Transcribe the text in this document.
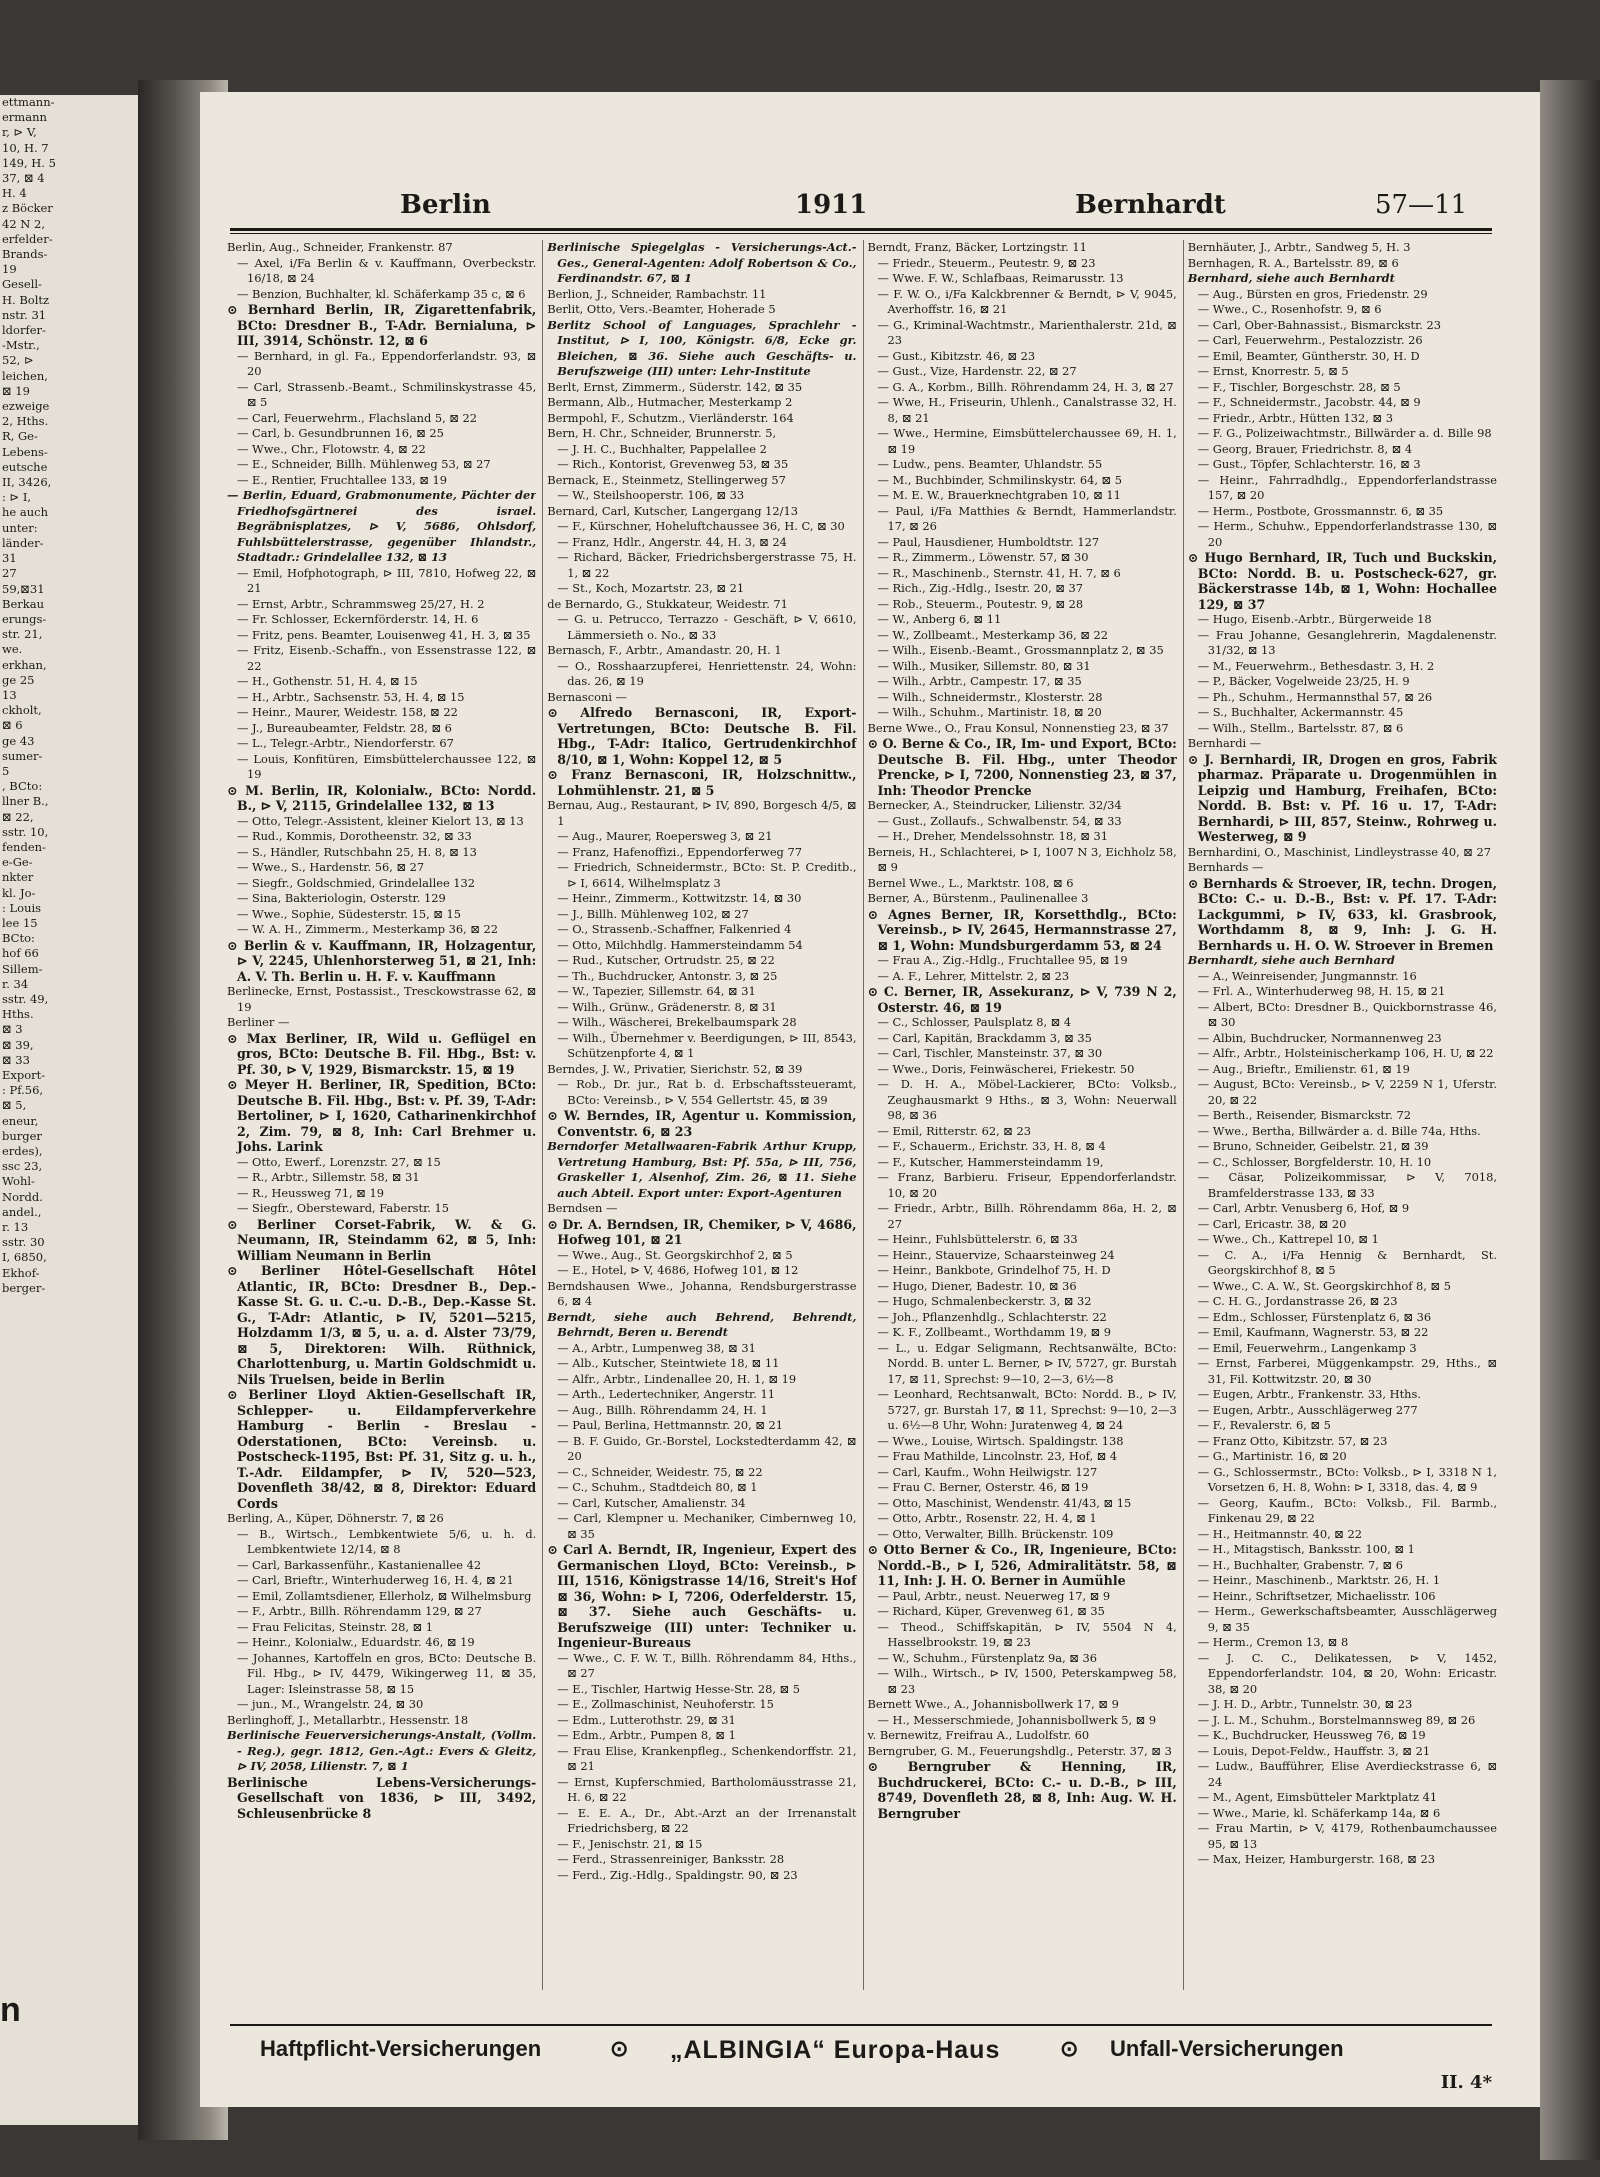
ettmann-
ermann
r, ⊳ V,
10, H. 7
149, H. 5
37, ⊠ 4
H. 4
z Böcker
42 N 2,
erfelder-
Brands-
19
Gesell-
H. Boltz
nstr. 31
ldorfer-
-Mstr.,
52, ⊳
leichen,
⊠ 19
ezweige
2, Hths.
R, Ge-
Lebens-
eutsche
II, 3426,
: ⊳ I,
he auch
unter:
länder-
31
27
59,⊠31
Berkau
erungs-
str. 21,
we.
erkhan,
ge 25
13
ckholt,
⊠ 6
ge 43
sumer-
5
, BCto:
llner B.,
⊠ 22,
sstr. 10,
fenden-
e-Ge-
nkter
kl. Jo-
: Louis
lee 15
BCto:
hof 66
Sillem-
r. 34
sstr. 49,
Hths.
⊠ 3
⊠ 39,
⊠ 33
Export-
: Pf.56,
⊠ 5,
eneur,
burger
erdes),
ssc 23,
Wohl-
Nordd.
andel.,
r. 13
sstr. 30
I, 6850,
Ekhof-
berger-
n
Berlin	1911	Bernhardt	57—11

Berlin, Aug., Schneider, Frankenstr. 87

— Axel, i/Fa Berlin & v. Kauffmann, Overbeckstr. 16/18, ⊠ 24

— Benzion, Buchhalter, kl. Schäferkamp 35 c, ⊠ 6

⊙ Bernhard Berlin, IR, Zigarettenfabrik, BCto: Dresdner B., T-Adr. Bernialuna, ⊳ III, 3914, Schönstr. 12, ⊠ 6

— Bernhard, in gl. Fa., Eppendorferlandstr. 93, ⊠ 20

— Carl, Strassenb.-Beamt., Schmilinskystrasse 45, ⊠ 5

— Carl, Feuerwehrm., Flachsland 5, ⊠ 22

— Carl, b. Gesundbrunnen 16, ⊠ 25

— Wwe., Chr., Flotowstr. 4, ⊠ 22

— E., Schneider, Billh. Mühlenweg 53, ⊠ 27

— E., Rentier, Fruchtallee 133, ⊠ 19

— Berlin, Eduard, Grabmonumente, Pächter der Friedhofsgärtnerei des israel. Begräbnisplatzes, ⊳ V, 5686, Ohlsdorf, Fuhlsbüttelerstrasse, gegenüber Ihlandstr., Stadtadr.: Grindelallee 132, ⊠ 13

— Emil, Hofphotograph, ⊳ III, 7810, Hofweg 22, ⊠ 21

— Ernst, Arbtr., Schrammsweg 25/27, H. 2

— Fr. Schlosser, Eckernförderstr. 14, H. 6

— Fritz, pens. Beamter, Louisenweg 41, H. 3, ⊠ 35

— Fritz, Eisenb.-Schaffn., von Essenstrasse 122, ⊠ 22

— H., Gothenstr. 51, H. 4, ⊠ 15

— H., Arbtr., Sachsenstr. 53, H. 4, ⊠ 15

— Heinr., Maurer, Weidestr. 158, ⊠ 22

— J., Bureaubeamter, Feldstr. 28, ⊠ 6

— L., Telegr.-Arbtr., Niendorferstr. 67

— Louis, Konfitüren, Eimsbüttelerchaussee 122, ⊠ 19

⊙ M. Berlin, IR, Kolonialw., BCto: Nordd. B., ⊳ V, 2115, Grindelallee 132, ⊠ 13

— Otto, Telegr.-Assistent, kleiner Kielort 13, ⊠ 13

— Rud., Kommis, Dorotheenstr. 32, ⊠ 33

— S., Händler, Rutschbahn 25, H. 8, ⊠ 13

— Wwe., S., Hardenstr. 56, ⊠ 27

— Siegfr., Goldschmied, Grindelallee 132

— Sina, Bakteriologin, Osterstr. 129

— Wwe., Sophie, Südesterstr. 15, ⊠ 15

— W. A. H., Zimmerm., Mesterkamp 36, ⊠ 22

⊙ Berlin & v. Kauffmann, IR, Holzagentur, ⊳ V, 2245, Uhlenhorsterweg 51, ⊠ 21, Inh: A. V. Th. Berlin u. H. F. v. Kauffmann

Berlinecke, Ernst, Postassist., Tresckowstrasse 62, ⊠ 19

Berliner —

⊙ Max Berliner, IR, Wild u. Geflügel en gros, BCto: Deutsche B. Fil. Hbg., Bst: v. Pf. 30, ⊳ V, 1929, Bismarckstr. 15, ⊠ 19

⊙ Meyer H. Berliner, IR, Spedition, BCto: Deutsche B. Fil. Hbg., Bst: v. Pf. 39, T-Adr: Bertoliner, ⊳ I, 1620, Catharinenkirchhof 2, Zim. 79, ⊠ 8, Inh: Carl Brehmer u. Johs. Larink

— Otto, Ewerf., Lorenzstr. 27, ⊠ 15

— R., Arbtr., Sillemstr. 58, ⊠ 31

— R., Heussweg 71, ⊠ 19

— Siegfr., Obersteward, Faberstr. 15

⊙ Berliner Corset-Fabrik, W. & G. Neumann, IR, Steindamm 62, ⊠ 5, Inh: William Neumann in Berlin

⊙ Berliner Hôtel-Gesellschaft Hôtel Atlantic, IR, BCto: Dresdner B., Dep.-Kasse St. G. u. C.-u. D.-B., Dep.-Kasse St. G., T-Adr: Atlantic, ⊳ IV, 5201—5215, Holzdamm 1/3, ⊠ 5, u. a. d. Alster 73/79, ⊠ 5, Direktoren: Wilh. Rüthnick, Charlottenburg, u. Martin Goldschmidt u. Nils Truelsen, beide in Berlin

⊙ Berliner Lloyd Aktien-Gesellschaft IR, Schlepper- u. Eildampferverkehre Hamburg - Berlin - Breslau - Oderstationen, BCto: Vereinsb. u. Postscheck-1195, Bst: Pf. 31, Sitz g. u. h., T.-Adr. Eildampfer, ⊳ IV, 520—523, Dovenfleth 38/42, ⊠ 8, Direktor: Eduard Cords

Berling, A., Küper, Döhnerstr. 7, ⊠ 26

— B., Wirtsch., Lembkentwiete 5/6, u. h. d. Lembkentwiete 12/14, ⊠ 8

— Carl, Barkassenführ., Kastanienallee 42

— Carl, Brieftr., Winterhuderweg 16, H. 4, ⊠ 21

— Emil, Zollamtsdiener, Ellerholz, ⊠ Wilhelmsburg

— F., Arbtr., Billh. Röhrendamm 129, ⊠ 27

— Frau Felicitas, Steinstr. 28, ⊠ 1

— Heinr., Kolonialw., Eduardstr. 46, ⊠ 19

— Johannes, Kartoffeln en gros, BCto: Deutsche B. Fil. Hbg., ⊳ IV, 4479, Wikingerweg 11, ⊠ 35, Lager: Isleinstrasse 58, ⊠ 15

— jun., M., Wrangelstr. 24, ⊠ 30

Berlinghoff, J., Metallarbtr., Hessenstr. 18

Berlinische Feuerversicherungs-Anstalt, (Vollm. - Reg.), gegr. 1812, Gen.-Agt.: Evers & Gleitz, ⊳ IV, 2058, Lilienstr. 7, ⊠ 1

Berlinische Lebens-Versicherungs-Gesellschaft von 1836, ⊳ III, 3492, Schleusenbrücke 8

Berlinische Spiegelglas - Versicherungs-Act.-Ges., General-Agenten: Adolf Robertson & Co., Ferdinandstr. 67, ⊠ 1

Berlion, J., Schneider, Rambachstr. 11

Berlit, Otto, Vers.-Beamter, Hoherade 5

Berlitz School of Languages, Sprachlehr - Institut, ⊳ I, 100, Königstr. 6/8, Ecke gr. Bleichen, ⊠ 36. Siehe auch Geschäfts- u. Berufszweige (III) unter: Lehr-Institute

Berlt, Ernst, Zimmerm., Süderstr. 142, ⊠ 35

Bermann, Alb., Hutmacher, Mesterkamp 2

Bermpohl, F., Schutzm., Vierländerstr. 164

Bern, H. Chr., Schneider, Brunnerstr. 5,

— J. H. C., Buchhalter, Pappelallee 2

— Rich., Kontorist, Grevenweg 53, ⊠ 35

Bernack, E., Steinmetz, Stellingerweg 57

— W., Steilshooperstr. 106, ⊠ 33

Bernard, Carl, Kutscher, Langergang 12/13

— F., Kürschner, Hoheluftchaussee 36, H. C, ⊠ 30

— Franz, Hdlr., Angerstr. 44, H. 3, ⊠ 24

— Richard, Bäcker, Friedrichsbergerstrasse 75, H. 1, ⊠ 22

— St., Koch, Mozartstr. 23, ⊠ 21

de Bernardo, G., Stukkateur, Weidestr. 71

— G. u. Petrucco, Terrazzo - Geschäft, ⊳ V, 6610, Lämmersieth o. No., ⊠ 33

Bernasch, F., Arbtr., Amandastr. 20, H. 1

— O., Rosshaarzupferei, Henriettenstr. 24, Wohn: das. 26, ⊠ 19

Bernasconi —

⊙ Alfredo Bernasconi, IR, Export-Vertretungen, BCto: Deutsche B. Fil. Hbg., T-Adr: Italico, Gertrudenkirchhof 8/10, ⊠ 1, Wohn: Koppel 12, ⊠ 5

⊙ Franz Bernasconi, IR, Holzschnittw., Lohmühlenstr. 21, ⊠ 5

Bernau, Aug., Restaurant, ⊳ IV, 890, Borgesch 4/5, ⊠ 1

— Aug., Maurer, Roepersweg 3, ⊠ 21

— Franz, Hafenoffizi., Eppendorferweg 77

— Friedrich, Schneidermstr., BCto: St. P. Creditb., ⊳ I, 6614, Wilhelmsplatz 3

— Heinr., Zimmerm., Kottwitzstr. 14, ⊠ 30

— J., Billh. Mühlenweg 102, ⊠ 27

— O., Strassenb.-Schaffner, Falkenried 4

— Otto, Milchhdlg. Hammersteindamm 54

— Rud., Kutscher, Ortrudstr. 25, ⊠ 22

— Th., Buchdrucker, Antonstr. 3, ⊠ 25

— W., Tapezier, Sillemstr. 64, ⊠ 31

— Wilh., Grünw., Grädenerstr. 8, ⊠ 31

— Wilh., Wäscherei, Brekelbaumspark 28

— Wilh., Übernehmer v. Beerdigungen, ⊳ III, 8543, Schützenpforte 4, ⊠ 1

Berndes, J. W., Privatier, Sierichstr. 52, ⊠ 39

— Rob., Dr. jur., Rat b. d. Erbschaftssteueramt, BCto: Vereinsb., ⊳ V, 554 Gellertstr. 45, ⊠ 39

⊙ W. Berndes, IR, Agentur u. Kommission, Conventstr. 6, ⊠ 23

Berndorfer Metallwaaren-Fabrik Arthur Krupp, Vertretung Hamburg, Bst: Pf. 55a, ⊳ III, 756, Graskeller 1, Alsenhof, Zim. 26, ⊠ 11. Siehe auch Abteil. Export unter: Export-Agenturen

Berndsen —

⊙ Dr. A. Berndsen, IR, Chemiker, ⊳ V, 4686, Hofweg 101, ⊠ 21

— Wwe., Aug., St. Georgskirchhof 2, ⊠ 5

— E., Hotel, ⊳ V, 4686, Hofweg 101, ⊠ 12

Berndshausen Wwe., Johanna, Rendsburgerstrasse 6, ⊠ 4

Berndt, siehe auch Behrend, Behrendt, Behrndt, Beren u. Berendt

— A., Arbtr., Lumpenweg 38, ⊠ 31

— Alb., Kutscher, Steintwiete 18, ⊠ 11

— Alfr., Arbtr., Lindenallee 20, H. 1, ⊠ 19

— Arth., Ledertechniker, Angerstr. 11

— Aug., Billh. Röhrendamm 24, H. 1

— Paul, Berlina, Hettmannstr. 20, ⊠ 21

— B. F. Guido, Gr.-Borstel, Lockstedterdamm 42, ⊠ 20

— C., Schneider, Weidestr. 75, ⊠ 22

— C., Schuhm., Stadtdeich 80, ⊠ 1

— Carl, Kutscher, Amalienstr. 34

— Carl, Klempner u. Mechaniker, Cimbernweg 10, ⊠ 35

⊙ Carl A. Berndt, IR, Ingenieur, Expert des Germanischen Lloyd, BCto: Vereinsb., ⊳ III, 1516, Königstrasse 14/16, Streit's Hof ⊠ 36, Wohn: ⊳ I, 7206, Oderfelderstr. 15, ⊠ 37. Siehe auch Geschäfts- u. Berufszweige (III) unter: Techniker u. Ingenieur-Bureaus

— Wwe., C. F. W. T., Billh. Röhrendamm 84, Hths., ⊠ 27

— E., Tischler, Hartwig Hesse-Str. 28, ⊠ 5

— E., Zollmaschinist, Neuhoferstr. 15

— Edm., Lutterothstr. 29, ⊠ 31

— Edm., Arbtr., Pumpen 8, ⊠ 1

— Frau Elise, Krankenpfleg., Schenkendorffstr. 21, ⊠ 21

— Ernst, Kupferschmied, Bartholomäusstrasse 21, H. 6, ⊠ 22

— E. E. A., Dr., Abt.-Arzt an der Irrenanstalt Friedrichsberg, ⊠ 22

— F., Jenischstr. 21, ⊠ 15

— Ferd., Strassenreiniger, Banksstr. 28

— Ferd., Zig.-Hdlg., Spaldingstr. 90, ⊠ 23

Berndt, Franz, Bäcker, Lortzingstr. 11

— Friedr., Steuerm., Peutestr. 9, ⊠ 23

— Wwe. F. W., Schlafbaas, Reimarusstr. 13

— F. W. O., i/Fa Kalckbrenner & Berndt, ⊳ V, 9045, Averhoffstr. 16, ⊠ 21

— G., Kriminal-Wachtmstr., Marienthalerstr. 21d, ⊠ 23

— Gust., Kibitzstr. 46, ⊠ 23

— Gust., Vize, Hardenstr. 22, ⊠ 27

— G. A., Korbm., Billh. Röhrendamm 24, H. 3, ⊠ 27

— Wwe, H., Friseurin, Uhlenh., Canalstrasse 32, H. 8, ⊠ 21

— Wwe., Hermine, Eimsbüttelerchaussee 69, H. 1, ⊠ 19

— Ludw., pens. Beamter, Uhlandstr. 55

— M., Buchbinder, Schmilinskystr. 64, ⊠ 5

— M. E. W., Brauerknechtgraben 10, ⊠ 11

— Paul, i/Fa Matthies & Berndt, Hammerlandstr. 17, ⊠ 26

— Paul, Hausdiener, Humboldtstr. 127

— R., Zimmerm., Löwenstr. 57, ⊠ 30

— R., Maschinenb., Sternstr. 41, H. 7, ⊠ 6

— Rich., Zig.-Hdlg., Isestr. 20, ⊠ 37

— Rob., Steuerm., Poutestr. 9, ⊠ 28

— W., Anberg 6, ⊠ 11

— W., Zollbeamt., Mesterkamp 36, ⊠ 22

— Wilh., Eisenb.-Beamt., Grossmannplatz 2, ⊠ 35

— Wilh., Musiker, Sillemstr. 80, ⊠ 31

— Wilh., Arbtr., Campestr. 17, ⊠ 35

— Wilh., Schneidermstr., Klosterstr. 28

— Wilh., Schuhm., Martinistr. 18, ⊠ 20

Berne Wwe., O., Frau Konsul, Nonnenstieg 23, ⊠ 37

⊙ O. Berne & Co., IR, Im- und Export, BCto: Deutsche B. Fil. Hbg., unter Theodor Prencke, ⊳ I, 7200, Nonnenstieg 23, ⊠ 37, Inh: Theodor Prencke

Bernecker, A., Steindrucker, Lilienstr. 32/34

— Gust., Zollaufs., Schwalbenstr. 54, ⊠ 33

— H., Dreher, Mendelssohnstr. 18, ⊠ 31

Berneis, H., Schlachterei, ⊳ I, 1007 N 3, Eichholz 58, ⊠ 9

Bernel Wwe., L., Marktstr. 108, ⊠ 6

Berner, A., Bürstenm., Paulinenallee 3

⊙ Agnes Berner, IR, Korsetthdlg., BCto: Vereinsb., ⊳ IV, 2645, Hermannstrasse 27, ⊠ 1, Wohn: Mundsburgerdamm 53, ⊠ 24

— Frau A., Zig.-Hdlg., Fruchtallee 95, ⊠ 19

— A. F., Lehrer, Mittelstr. 2, ⊠ 23

⊙ C. Berner, IR, Assekuranz, ⊳ V, 739 N 2, Osterstr. 46, ⊠ 19

— C., Schlosser, Paulsplatz 8, ⊠ 4

— Carl, Kapitän, Brackdamm 3, ⊠ 35

— Carl, Tischler, Mansteinstr. 37, ⊠ 30

— Wwe., Doris, Feinwäscherei, Friekestr. 50

— D. H. A., Möbel-Lackierer, BCto: Volksb., Zeughausmarkt 9 Hths., ⊠ 3, Wohn: Neuerwall 98, ⊠ 36

— Emil, Ritterstr. 62, ⊠ 23

— F., Schauerm., Erichstr. 33, H. 8, ⊠ 4

— F., Kutscher, Hammersteindamm 19,

— Franz, Barbieru. Friseur, Eppendorferlandstr. 10, ⊠ 20

— Friedr., Arbtr., Billh. Röhrendamm 86a, H. 2, ⊠ 27

— Heinr., Fuhlsbüttelerstr. 6, ⊠ 33

— Heinr., Stauervize, Schaarsteinweg 24

— Heinr., Bankbote, Grindelhof 75, H. D

— Hugo, Diener, Badestr. 10, ⊠ 36

— Hugo, Schmalenbeckerstr. 3, ⊠ 32

— Joh., Pflanzenhdlg., Schlachterstr. 22

— K. F., Zollbeamt., Worthdamm 19, ⊠ 9

— L., u. Edgar Seligmann, Rechtsanwälte, BCto: Nordd. B. unter L. Berner, ⊳ IV, 5727, gr. Burstah 17, ⊠ 11, Sprechst: 9—10, 2—3, 6½—8

— Leonhard, Rechtsanwalt, BCto: Nordd. B., ⊳ IV, 5727, gr. Burstah 17, ⊠ 11, Sprechst: 9—10, 2—3 u. 6½—8 Uhr, Wohn: Juratenweg 4, ⊠ 24

— Wwe., Louise, Wirtsch. Spaldingstr. 138

— Frau Mathilde, Lincolnstr. 23, Hof, ⊠ 4

— Carl, Kaufm., Wohn Heilwigstr. 127

— Frau C. Berner, Osterstr. 46, ⊠ 19

— Otto, Maschinist, Wendenstr. 41/43, ⊠ 15

— Otto, Arbtr., Rosenstr. 22, H. 4, ⊠ 1

— Otto, Verwalter, Billh. Brückenstr. 109

⊙ Otto Berner & Co., IR, Ingenieure, BCto: Nordd.-B., ⊳ I, 526, Admiralitätstr. 58, ⊠ 11, Inh: J. H. O. Berner in Aumühle

— Paul, Arbtr., neust. Neuerweg 17, ⊠ 9

— Richard, Küper, Grevenweg 61, ⊠ 35

— Theod., Schiffskapitän, ⊳ IV, 5504 N 4, Hasselbrookstr. 19, ⊠ 23

— W., Schuhm., Fürstenplatz 9a, ⊠ 36

— Wilh., Wirtsch., ⊳ IV, 1500, Peterskampweg 58, ⊠ 23

Bernett Wwe., A., Johannisbollwerk 17, ⊠ 9

— H., Messerschmiede, Johannisbollwerk 5, ⊠ 9

v. Bernewitz, Freifrau A., Ludolfstr. 60

Berngruber, G. M., Feuerungshdlg., Peterstr. 37, ⊠ 3

⊙ Berngruber & Henning, IR, Buchdruckerei, BCto: C.- u. D.-B., ⊳ III, 8749, Dovenfleth 28, ⊠ 8, Inh: Aug. W. H. Berngruber

Bernhäuter, J., Arbtr., Sandweg 5, H. 3

Bernhagen, R. A., Bartelsstr. 89, ⊠ 6

Bernhard, siehe auch Bernhardt

— Aug., Bürsten en gros, Friedenstr. 29

— Wwe., C., Rosenhofstr. 9, ⊠ 6

— Carl, Ober-Bahnassist., Bismarckstr. 23

— Carl, Feuerwehrm., Pestalozzistr. 26

— Emil, Beamter, Güntherstr. 30, H. D

— Ernst, Knorrestr. 5, ⊠ 5

— F., Tischler, Borgeschstr. 28, ⊠ 5

— F., Schneidermstr., Jacobstr. 44, ⊠ 9

— Friedr., Arbtr., Hütten 132, ⊠ 3

— F. G., Polizeiwachtmstr., Billwärder a. d. Bille 98

— Georg, Brauer, Friedrichstr. 8, ⊠ 4

— Gust., Töpfer, Schlachterstr. 16, ⊠ 3

— Heinr., Fahrradhdlg., Eppendorferlandstrasse 157, ⊠ 20

— Herm., Postbote, Grossmannstr. 6, ⊠ 35

— Herm., Schuhw., Eppendorferlandstrasse 130, ⊠ 20

⊙ Hugo Bernhard, IR, Tuch und Buckskin, BCto: Nordd. B. u. Postscheck-627, gr. Bäckerstrasse 14b, ⊠ 1, Wohn: Hochallee 129, ⊠ 37

— Hugo, Eisenb.-Arbtr., Bürgerweide 18

— Frau Johanne, Gesanglehrerin, Magdalenenstr. 31/32, ⊠ 13

— M., Feuerwehrm., Bethesdastr. 3, H. 2

— P., Bäcker, Vogelweide 23/25, H. 9

— Ph., Schuhm., Hermannsthal 57, ⊠ 26

— S., Buchhalter, Ackermannstr. 45

— Wilh., Stellm., Bartelsstr. 87, ⊠ 6

Bernhardi —

⊙ J. Bernhardi, IR, Drogen en gros, Fabrik pharmaz. Präparate u. Drogenmühlen in Leipzig und Hamburg, Freihafen, BCto: Nordd. B. Bst: v. Pf. 16 u. 17, T-Adr: Bernhardi, ⊳ III, 857, Steinw., Rohrweg u. Westerweg, ⊠ 9

Bernhardini, O., Maschinist, Lindleystrasse 40, ⊠ 27

Bernhards —

⊙ Bernhards & Stroever, IR, techn. Drogen, BCto: C.- u. D.-B., Bst: v. Pf. 17. T-Adr: Lackgummi, ⊳ IV, 633, kl. Grasbrook, Worthdamm 8, ⊠ 9, Inh: J. G. H. Bernhards u. H. O. W. Stroever in Bremen

Bernhardt, siehe auch Bernhard

— A., Weinreisender, Jungmannstr. 16

— Frl. A., Winterhuderweg 98, H. 15, ⊠ 21

— Albert, BCto: Dresdner B., Quickbornstrasse 46, ⊠ 30

— Albin, Buchdrucker, Normannenweg 23

— Alfr., Arbtr., Holsteinischerkamp 106, H. U, ⊠ 22

— Aug., Brieftr., Emilienstr. 61, ⊠ 19

— August, BCto: Vereinsb., ⊳ V, 2259 N 1, Uferstr. 20, ⊠ 22

— Berth., Reisender, Bismarckstr. 72

— Wwe., Bertha, Billwärder a. d. Bille 74a, Hths.

— Bruno, Schneider, Geibelstr. 21, ⊠ 39

— C., Schlosser, Borgfelderstr. 10, H. 10

— Cäsar, Polizeikommissar, ⊳ V, 7018, Bramfelderstrasse 133, ⊠ 33

— Carl, Arbtr. Venusberg 6, Hof, ⊠ 9

— Carl, Ericastr. 38, ⊠ 20

— Wwe., Ch., Kattrepel 10, ⊠ 1

— C. A., i/Fa Hennig & Bernhardt, St. Georgskirchhof 8, ⊠ 5

— Wwe., C. A. W., St. Georgskirchhof 8, ⊠ 5

— C. H. G., Jordanstrasse 26, ⊠ 23

— Edm., Schlosser, Fürstenplatz 6, ⊠ 36

— Emil, Kaufmann, Wagnerstr. 53, ⊠ 22

— Emil, Feuerwehrm., Langenkamp 3

— Ernst, Farberei, Müggenkampstr. 29, Hths., ⊠ 31, Fil. Kottwitzstr. 20, ⊠ 30

— Eugen, Arbtr., Frankenstr. 33, Hths.

— Eugen, Arbtr., Ausschlägerweg 277

— F., Revalerstr. 6, ⊠ 5

— Franz Otto, Kibitzstr. 57, ⊠ 23

— G., Martinistr. 16, ⊠ 20

— G., Schlossermstr., BCto: Volksb., ⊳ I, 3318 N 1, Vorsetzen 6, H. 8, Wohn: ⊳ I, 3318, das. 4, ⊠ 9

— Georg, Kaufm., BCto: Volksb., Fil. Barmb., Finkenau 29, ⊠ 22

— H., Heitmannstr. 40, ⊠ 22

— H., Mitagstisch, Banksstr. 100, ⊠ 1

— H., Buchhalter, Grabenstr. 7, ⊠ 6

— Heinr., Maschinenb., Marktstr. 26, H. 1

— Heinr., Schriftsetzer, Michaelisstr. 106

— Herm., Gewerkschaftsbeamter, Ausschlägerweg 9, ⊠ 35

— Herm., Cremon 13, ⊠ 8

— J. C. C., Delikatessen, ⊳ V, 1452, Eppendorferlandstr. 104, ⊠ 20, Wohn: Ericastr. 38, ⊠ 20

— J. H. D., Arbtr., Tunnelstr. 30, ⊠ 23

— J. L. M., Schuhm., Borstelmannsweg 89, ⊠ 26

— K., Buchdrucker, Heussweg 76, ⊠ 19

— Louis, Depot-Feldw., Hauffstr. 3, ⊠ 21

— Ludw., Baufführer, Elise Averdieckstrasse 6, ⊠ 24

— M., Agent, Eimsbütteler Marktplatz 41

— Wwe., Marie, kl. Schäferkamp 14a, ⊠ 6

— Frau Martin, ⊳ V, 4179, Rothenbaumchaussee 95, ⊠ 13

— Max, Heizer, Hamburgerstr. 168, ⊠ 23

Haftpflicht-Versicherungen	⊙ „ALBINGIA“ Europa-Haus	⊙ Unfall-Versicherungen
II. 4*
